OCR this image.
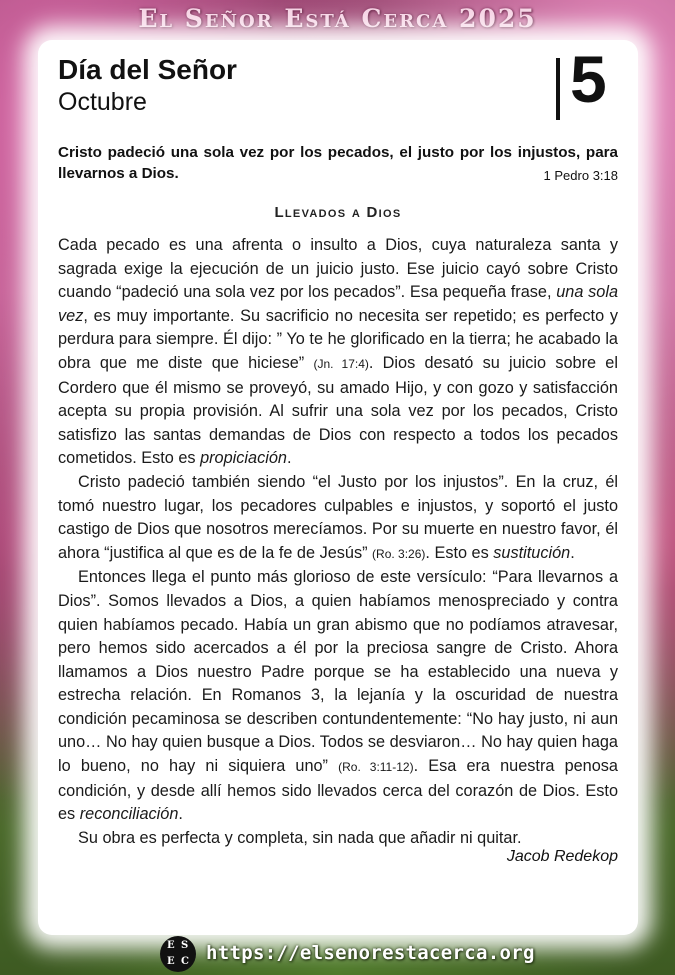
El Señor Está Cerca 2025
Día del Señor
Octubre	5
Cristo padeció una sola vez por los pecados, el justo por los injustos, para llevarnos a Dios.	1 Pedro 3:18
Llevados a Dios

Cada pecado es una afrenta o insulto a Dios, cuya naturaleza santa y sagrada exige la ejecución de un juicio justo. Ese juicio cayó sobre Cristo cuando “padeció una sola vez por los pecados”. Esa pequeña frase, una sola vez, es muy importante. Su sacrificio no necesita ser repetido; es perfecto y perdura para siempre. Él dijo: ” Yo te he glorificado en la tierra; he acabado la obra que me diste que hiciese” (Jn. 17:4). Dios desató su juicio sobre el Cordero que él mismo se proveyó, su amado Hijo, y con gozo y satisfacción acepta su propia provisión. Al sufrir una sola vez por los pecados, Cristo satisfizo las santas demandas de Dios con respecto a todos los pecados cometidos. Esto es propiciación.

Cristo padeció también siendo “el Justo por los injustos”. En la cruz, él tomó nuestro lugar, los pecadores culpables e injustos, y soportó el justo castigo de Dios que nosotros merecíamos. Por su muerte en nuestro favor, él ahora “justifica al que es de la fe de Jesús” (Ro. 3:26). Esto es sustitución.

Entonces llega el punto más glorioso de este versículo: “Para llevarnos a Dios”. Somos llevados a Dios, a quien habíamos menospreciado y contra quien habíamos pecado. Había un gran abismo que no podíamos atravesar, pero hemos sido acercados a él por la preciosa sangre de Cristo. Ahora llamamos a Dios nuestro Padre porque se ha establecido una nueva y estrecha relación. En Romanos 3, la lejanía y la oscuridad de nuestra condición pecaminosa se describen contundentemente: “No hay justo, ni aun uno… No hay quien busque a Dios. Todos se desviaron… No hay quien haga lo bueno, no hay ni siquiera uno” (Ro. 3:11-12). Esa era nuestra penosa condición, y desde allí hemos sido llevados cerca del corazón de Dios. Esto es reconciliación.

Su obra es perfecta y completa, sin nada que añadir ni quitar.

Jacob Redekop
E S
E C https://elsenorestacerca.org
